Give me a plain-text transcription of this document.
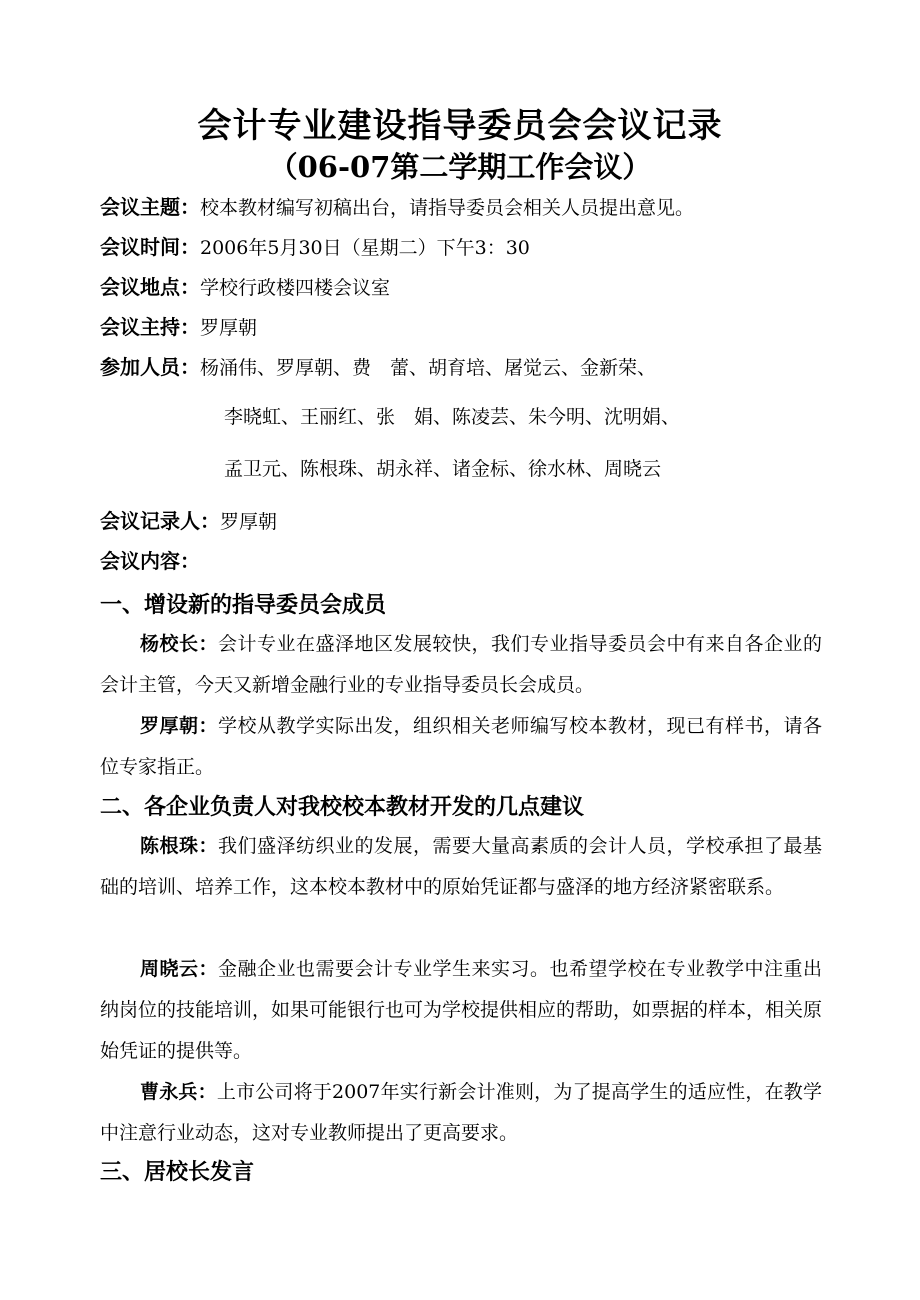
会计专业建设指导委员会会议记录
（06-07第二学期工作会议）
会议主题：校本教材编写初稿出台，请指导委员会相关人员提出意见。
会议时间：2006年5月30日（星期二）下午3：30
会议地点：学校行政楼四楼会议室
会议主持：罗厚朝
参加人员：杨涌伟、罗厚朝、费　蕾、胡育培、屠觉云、金新荣、
李晓虹、王丽红、张　娟、陈凌芸、朱今明、沈明娟、
孟卫元、陈根珠、胡永祥、诸金标、徐水林、周晓云
会议记录人：罗厚朝
会议内容：
一、增设新的指导委员会成员
杨校长：会计专业在盛泽地区发展较快，我们专业指导委员会中有来自各企业的会计主管，今天又新增金融行业的专业指导委员长会成员。
罗厚朝：学校从教学实际出发，组织相关老师编写校本教材，现已有样书，请各位专家指正。
二、各企业负责人对我校校本教材开发的几点建议
陈根珠：我们盛泽纺织业的发展，需要大量高素质的会计人员，学校承担了最基础的培训、培养工作，这本校本教材中的原始凭证都与盛泽的地方经济紧密联系。
周晓云：金融企业也需要会计专业学生来实习。也希望学校在专业教学中注重出纳岗位的技能培训，如果可能银行也可为学校提供相应的帮助，如票据的样本，相关原始凭证的提供等。
曹永兵：上市公司将于2007年实行新会计准则，为了提高学生的适应性，在教学中注意行业动态，这对专业教师提出了更高要求。
三、居校长发言
